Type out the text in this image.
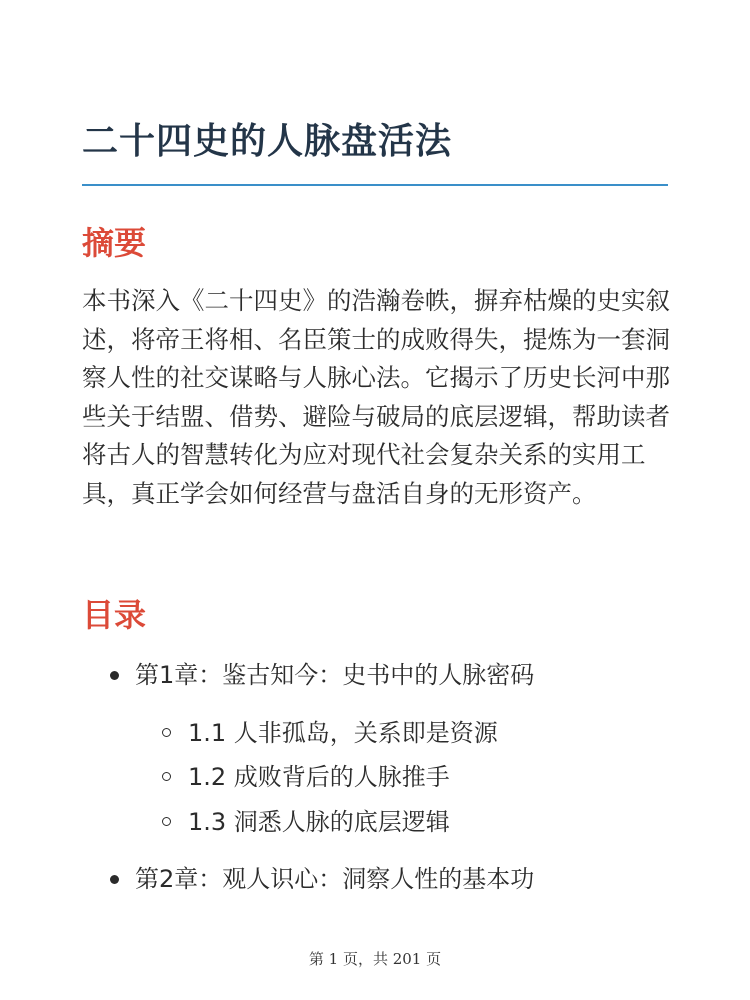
二十四史的人脉盘活法
摘要

本书深入《二十四史》的浩瀚卷帙，摒弃枯燥的史实叙述，将帝王将相、名臣策士的成败得失，提炼为一套洞察人性的社交谋略与人脉心法。它揭示了历史长河中那些关于结盟、借势、避险与破局的底层逻辑，帮助读者将古人的智慧转化为应对现代社会复杂关系的实用工具，真正学会如何经营与盘活自身的无形资产。

目录
第1章：鉴古知今：史书中的人脉密码
1.1 人非孤岛，关系即是资源
1.2 成败背后的人脉推手
1.3 洞悉人脉的底层逻辑
第2章：观人识心：洞察人性的基本功
第 1 页，共 201 页
